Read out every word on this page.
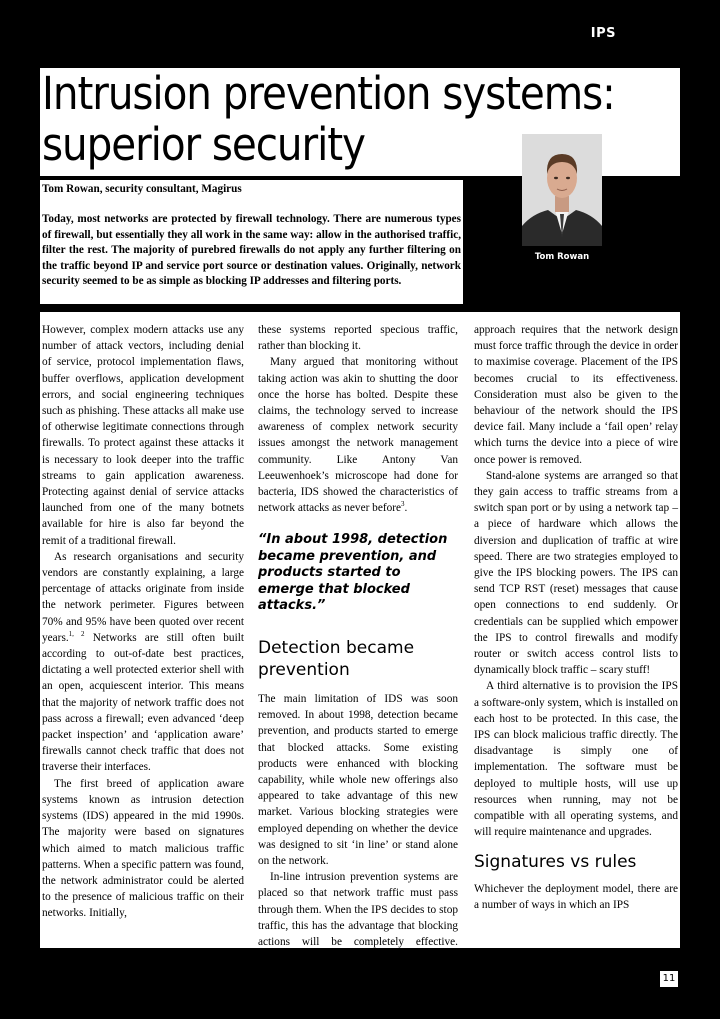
IPS
Intrusion prevention systems:
superior security

Tom Rowan, security consultant, Magirus

Today, most networks are protected by firewall technology. There are numerous types of firewall, but essentially they all work in the same way: allow in the authorised traffic, filter the rest. The majority of purebred firewalls do not apply any further filtering on the traffic beyond IP and service port source or destination values. Originally, network security seemed to be as simple as blocking IP addresses and filtering ports.

Tom Rowan

However, complex modern attacks use any number of attack vectors, including denial of service, protocol implementation flaws, buffer overflows, application development errors, and social engineering techniques such as phishing. These attacks all make use of otherwise legitimate connections through firewalls. To protect against these attacks it is necessary to look deeper into the traffic streams to gain application awareness. Protecting against denial of service attacks launched from one of the many botnets available for hire is also far beyond the remit of a traditional firewall.

As research organisations and security vendors are constantly explaining, a large percentage of attacks originate from inside the network perimeter. Figures between 70% and 95% have been quoted over recent years.$^{1, 2}$ Networks are still often built according to out-of-date best practices, dictating a well protected exterior shell with an open, acquiescent interior. This means that the majority of network traffic does not pass across a firewall; even advanced ‘deep packet inspection’ and ‘application aware’ firewalls cannot check traffic that does not traverse their interfaces.

The first breed of application aware systems known as intrusion detection systems (IDS) appeared in the mid 1990s. The majority were based on signatures which aimed to match malicious traffic patterns. When a specific pattern was found, the network administrator could be alerted to the presence of malicious traffic on their networks. Initially,

these systems reported specious traffic, rather than blocking it.

Many argued that monitoring without taking action was akin to shutting the door once the horse has bolted. Despite these claims, the technology served to increase awareness of complex network security issues amongst the network management community. Like Antony Van Leeuwenhoek’s microscope had done for bacteria, IDS showed the characteristics of network attacks as never before$^3$.

“In about 1998, detection became prevention, and products started to emerge that blocked attacks.”

Detection became prevention

The main limitation of IDS was soon removed. In about 1998, detection became prevention, and products started to emerge that blocked attacks. Some existing products were enhanced with blocking capability, while whole new offerings also appeared to take advantage of this new market. Various blocking strategies were employed depending on whether the device was designed to sit ‘in line’ or stand alone on the network.

In-line intrusion prevention systems are placed so that network traffic must pass through them. When the IPS decides to stop traffic, this has the advantage that blocking actions will be completely effective. However, this

approach requires that the network design must force traffic through the device in order to maximise coverage. Placement of the IPS becomes crucial to its effectiveness. Consideration must also be given to the behaviour of the network should the IPS device fail. Many include a ‘fail open’ relay which turns the device into a piece of wire once power is removed.

Stand-alone systems are arranged so that they gain access to traffic streams from a switch span port or by using a network tap – a piece of hardware which allows the diversion and duplication of traffic at wire speed. There are two strategies employed to give the IPS blocking powers. The IPS can send TCP RST (reset) messages that cause open connections to end suddenly. Or credentials can be supplied which empower the IPS to control firewalls and modify router or switch access control lists to dynamically block traffic – scary stuff!

A third alternative is to provision the IPS a software-only system, which is installed on each host to be protected. In this case, the IPS can block malicious traffic directly. The disadvantage is simply one of implementation. The software must be deployed to multiple hosts, will use up resources when running, may not be compatible with all operating systems, and will require maintenance and upgrades.

Signatures vs rules

Whichever the deployment model, there are a number of ways in which an IPS

11
